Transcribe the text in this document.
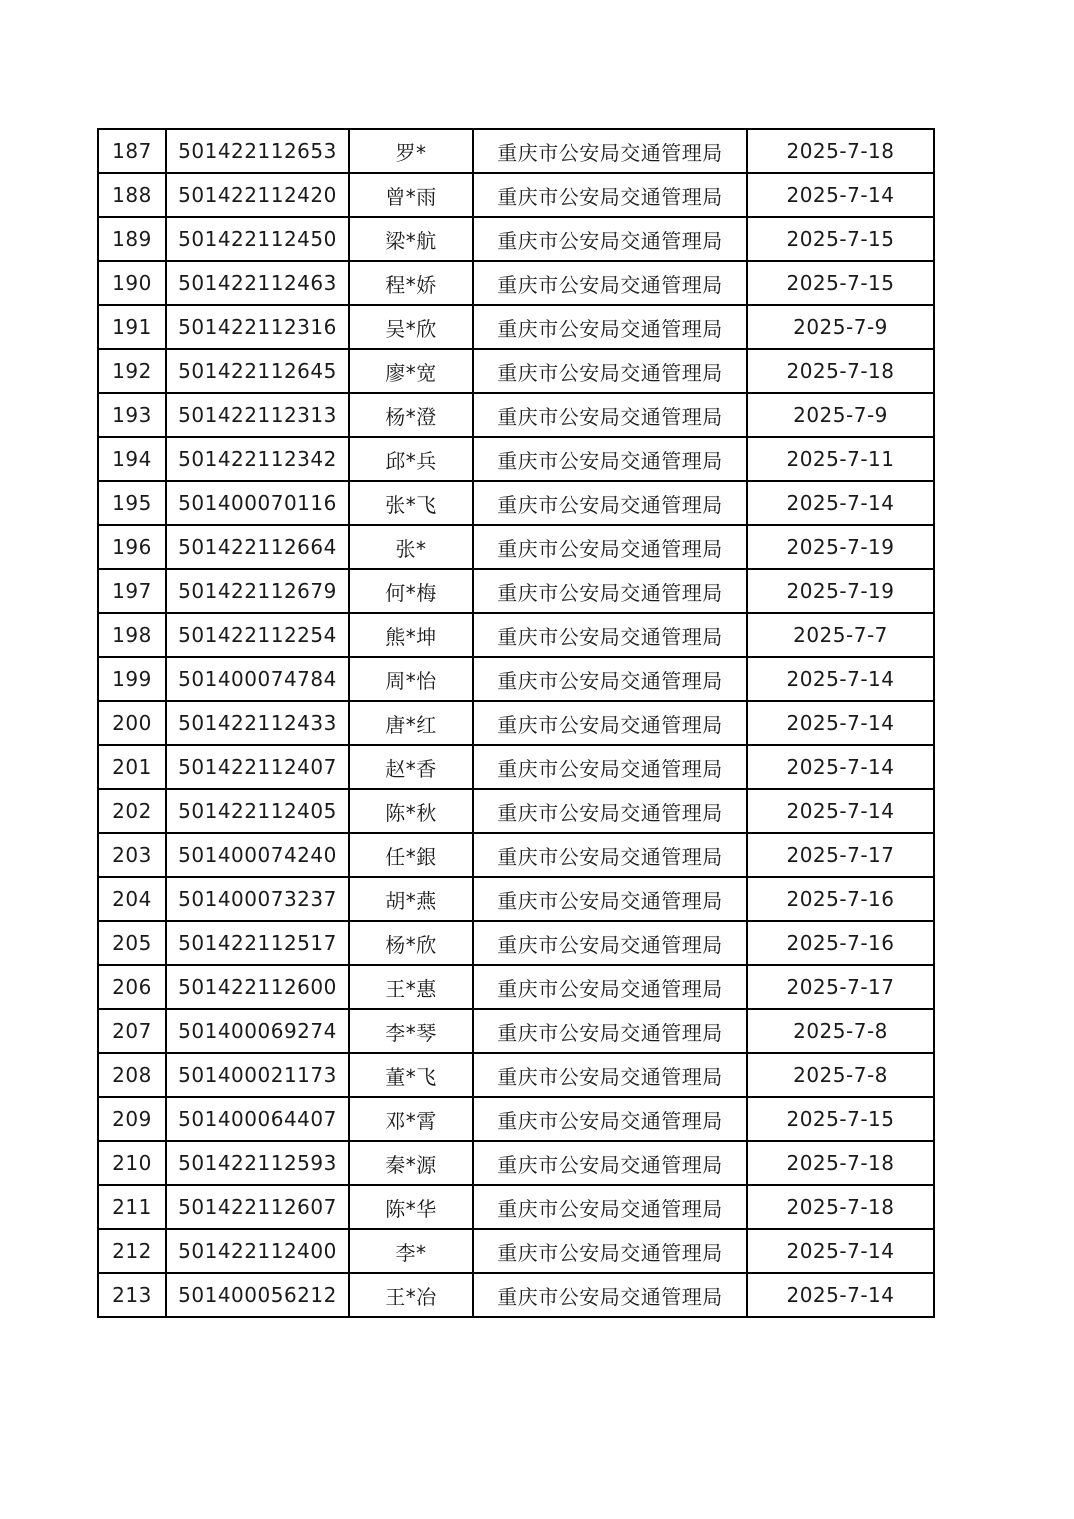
187	501422112653	罗*	重庆市公安局交通管理局	2025-7-18
188	501422112420	曾*雨	重庆市公安局交通管理局	2025-7-14
189	501422112450	梁*航	重庆市公安局交通管理局	2025-7-15
190	501422112463	程*娇	重庆市公安局交通管理局	2025-7-15
191	501422112316	吴*欣	重庆市公安局交通管理局	2025-7-9
192	501422112645	廖*宽	重庆市公安局交通管理局	2025-7-18
193	501422112313	杨*澄	重庆市公安局交通管理局	2025-7-9
194	501422112342	邱*兵	重庆市公安局交通管理局	2025-7-11
195	501400070116	张*飞	重庆市公安局交通管理局	2025-7-14
196	501422112664	张*	重庆市公安局交通管理局	2025-7-19
197	501422112679	何*梅	重庆市公安局交通管理局	2025-7-19
198	501422112254	熊*坤	重庆市公安局交通管理局	2025-7-7
199	501400074784	周*怡	重庆市公安局交通管理局	2025-7-14
200	501422112433	唐*红	重庆市公安局交通管理局	2025-7-14
201	501422112407	赵*香	重庆市公安局交通管理局	2025-7-14
202	501422112405	陈*秋	重庆市公安局交通管理局	2025-7-14
203	501400074240	任*銀	重庆市公安局交通管理局	2025-7-17
204	501400073237	胡*燕	重庆市公安局交通管理局	2025-7-16
205	501422112517	杨*欣	重庆市公安局交通管理局	2025-7-16
206	501422112600	王*惠	重庆市公安局交通管理局	2025-7-17
207	501400069274	李*琴	重庆市公安局交通管理局	2025-7-8
208	501400021173	董*飞	重庆市公安局交通管理局	2025-7-8
209	501400064407	邓*霄	重庆市公安局交通管理局	2025-7-15
210	501422112593	秦*源	重庆市公安局交通管理局	2025-7-18
211	501422112607	陈*华	重庆市公安局交通管理局	2025-7-18
212	501422112400	李*	重庆市公安局交通管理局	2025-7-14
213	501400056212	王*冶	重庆市公安局交通管理局	2025-7-14
